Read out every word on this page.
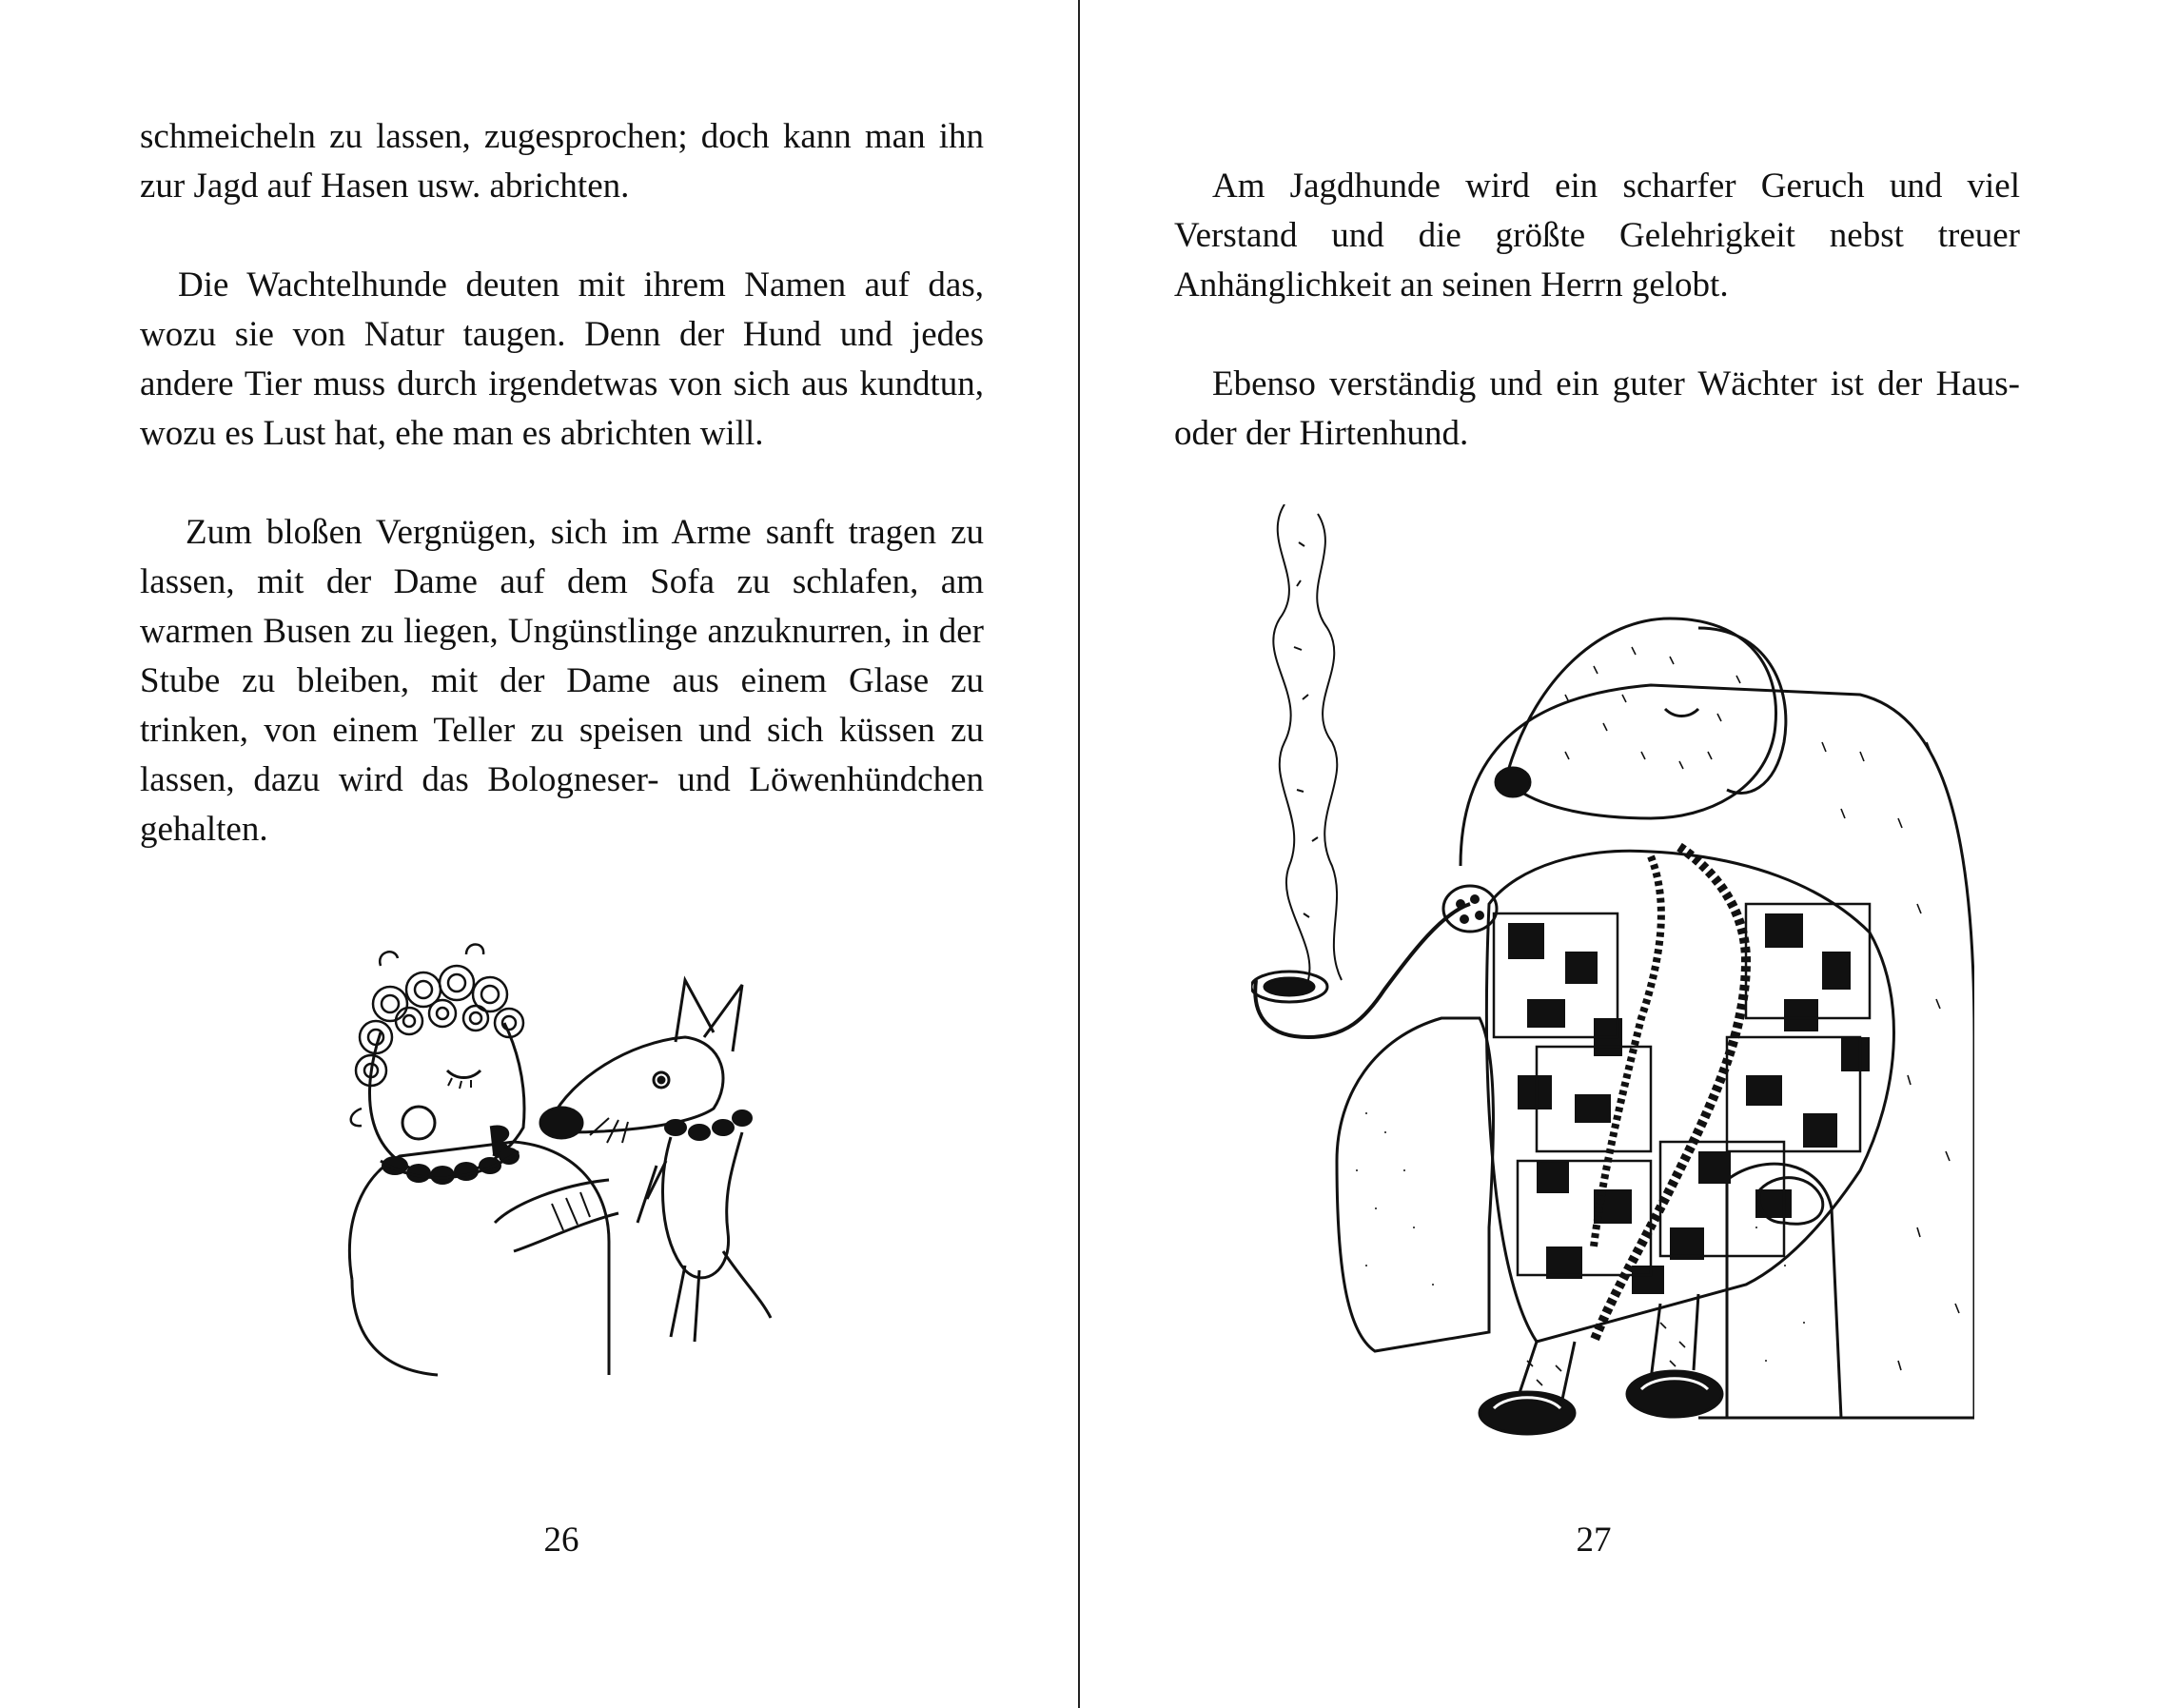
schmeicheln zu lassen, zugesprochen; doch kann man ihn zur Jagd auf Hasen usw. abrichten.

Die Wachtelhunde deuten mit ihrem Namen auf das, wozu sie von Natur taugen. Denn der Hund und jedes andere Tier muss durch irgendetwas von sich aus kundtun, wozu es Lust hat, ehe man es abrichten will.

Zum bloßen Vergnügen, sich im Arme sanft tragen zu lassen, mit der Dame auf dem Sofa zu schlafen, am warmen Busen zu liegen, Ungünstlinge anzuknurren, in der Stube zu bleiben, mit der Dame aus einem Glase zu trinken, von einem Teller zu speisen und sich küssen zu lassen, dazu wird das Bologneser- und Löwenhündchen gehalten.

26

Am Jagdhunde wird ein scharfer Geruch und viel Verstand und die größte Gelehrigkeit nebst treuer Anhänglichkeit an seinen Herrn gelobt.

Ebenso verständig und ein guter Wächter ist der Haus- oder der Hirtenhund.

27
